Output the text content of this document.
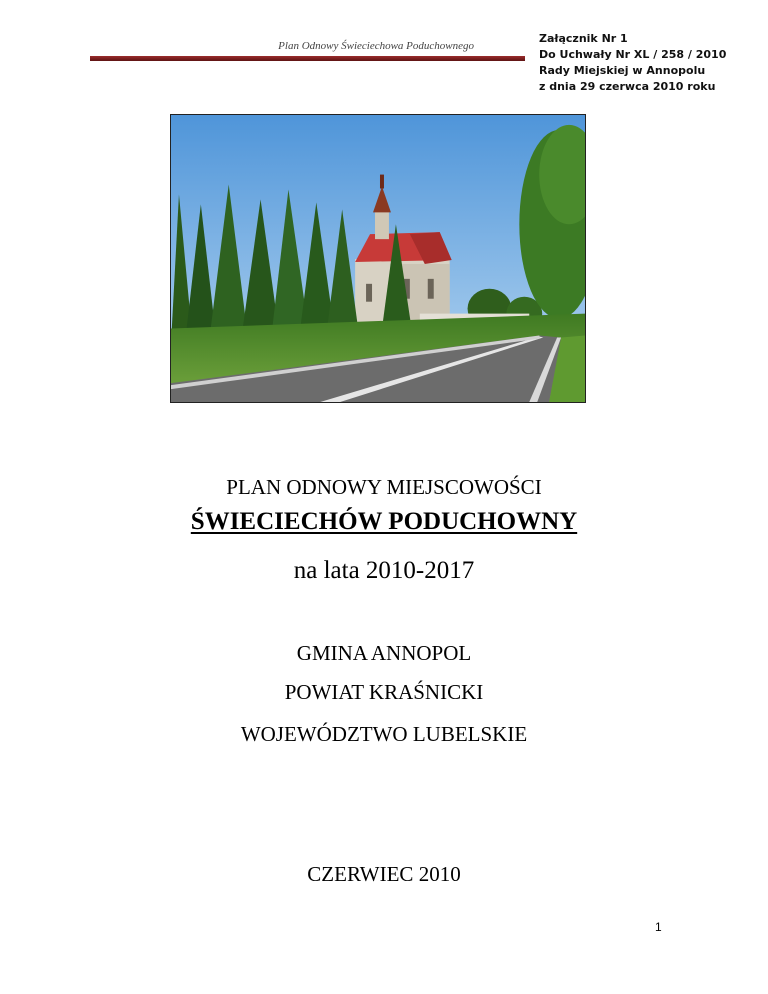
Plan Odnowy Świeciechowa Poduchownego
Załącznik Nr 1
Do Uchwały Nr XL / 258 / 2010
Rady Miejskiej w Annopolu
z dnia 29 czerwca 2010 roku
PLAN ODNOWY MIEJSCOWOŚCI
ŚWIECIECHÓW PODUCHOWNY
na lata 2010-2017
GMINA ANNOPOL
POWIAT KRAŚNICKI
WOJEWÓDZTWO LUBELSKIE
CZERWIEC 2010
1
